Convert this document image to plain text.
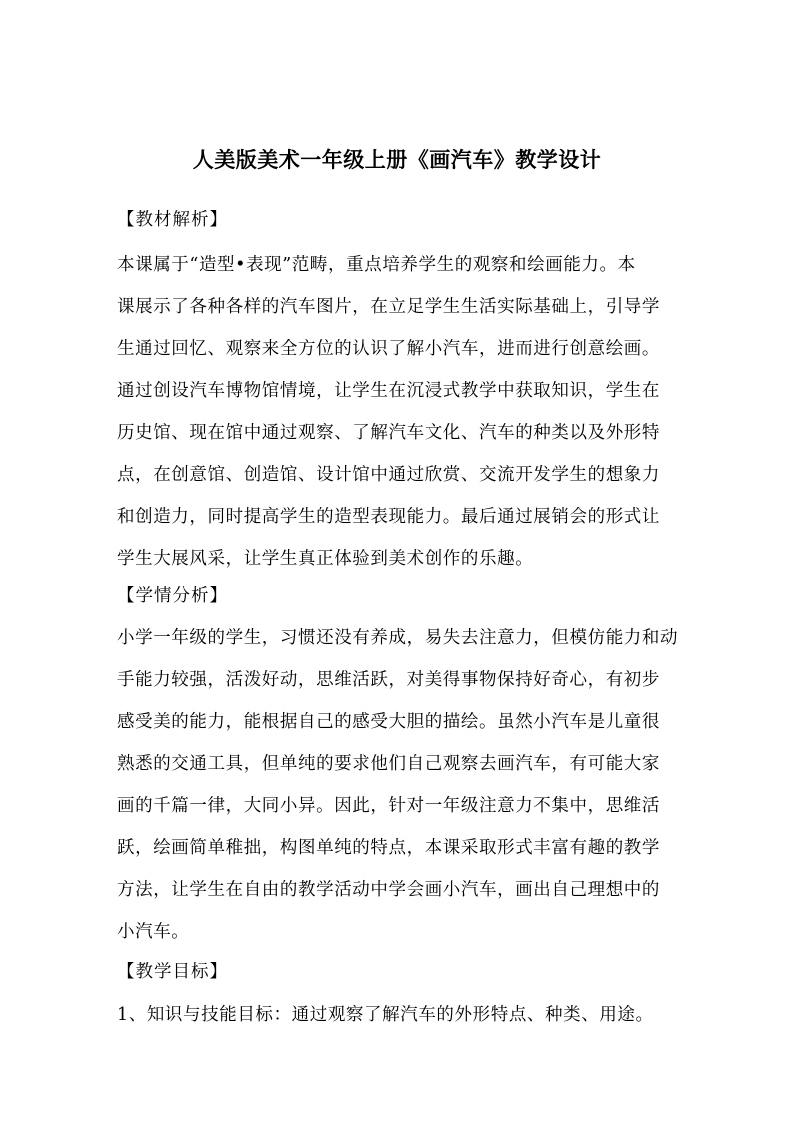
人美版美术一年级上册《画汽车》教学设计
【教材解析】
本课属于“造型•表现”范畴，重点培养学生的观察和绘画能力。本
课展示了各种各样的汽车图片，在立足学生生活实际基础上，引导学
生通过回忆、观察来全方位的认识了解小汽车，进而进行创意绘画。
通过创设汽车博物馆情境，让学生在沉浸式教学中获取知识，学生在
历史馆、现在馆中通过观察、了解汽车文化、汽车的种类以及外形特
点，在创意馆、创造馆、设计馆中通过欣赏、交流开发学生的想象力
和创造力，同时提高学生的造型表现能力。最后通过展销会的形式让
学生大展风采，让学生真正体验到美术创作的乐趣。
【学情分析】
小学一年级的学生，习惯还没有养成，易失去注意力，但模仿能力和动
手能力较强，活泼好动，思维活跃，对美得事物保持好奇心，有初步
感受美的能力，能根据自己的感受大胆的描绘。虽然小汽车是儿童很
熟悉的交通工具，但单纯的要求他们自己观察去画汽车，有可能大家
画的千篇一律，大同小异。因此，针对一年级注意力不集中，思维活
跃，绘画简单稚拙，构图单纯的特点，本课采取形式丰富有趣的教学
方法，让学生在自由的教学活动中学会画小汽车，画出自己理想中的
小汽车。
【教学目标】
1、知识与技能目标：通过观察了解汽车的外形特点、种类、用途。
